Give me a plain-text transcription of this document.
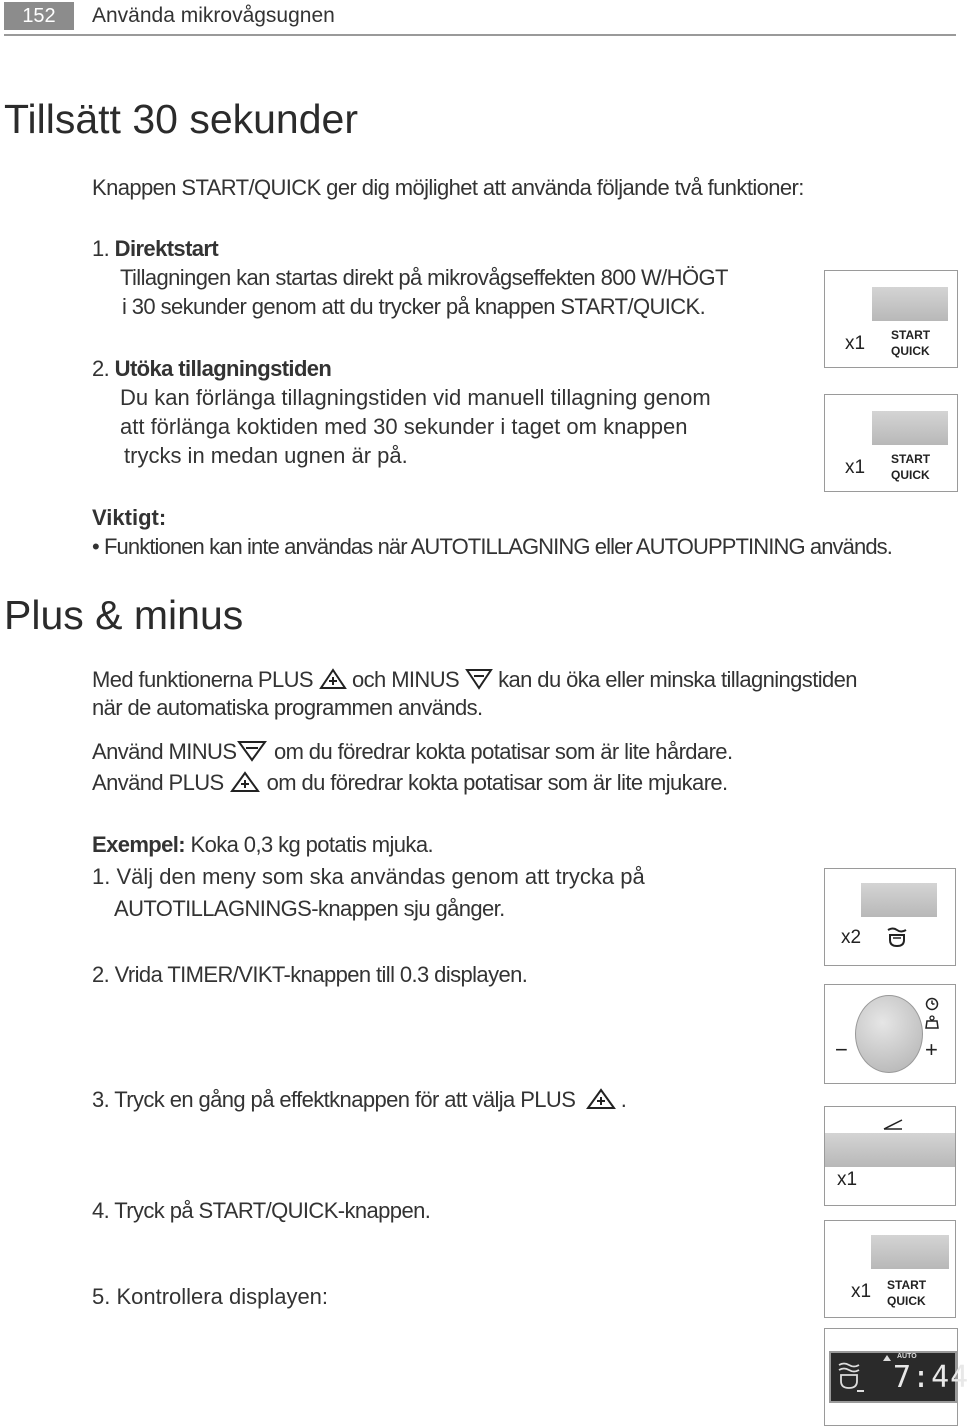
152	Använda mikrovågsugnen
Tillsätt 30 sekunder
Knappen START/QUICK ger dig möjlighet att använda följande två funktioner:
1. Direktstart
Tillagningen kan startas direkt på mikrovågseffekten 800 W/HÖGT
i 30 sekunder genom att du trycker på knappen START/QUICK.
2. Utöka tillagningstiden
Du kan förlänga tillagningstiden vid manuell tillagning genom
att förlänga koktiden med 30 sekunder i taget om knappen
trycks in medan ugnen är på.
Viktigt:
• Funktionen kan inte användas när AUTOTILLAGNING eller AUTOUPPTINING används.
x1 START
QUICK
x1 START
QUICK
Plus & minus
Med funktionerna PLUS och MINUS kan du öka eller minska tillagningstiden
när de automatiska programmen används.
Använd MINUS om du föredrar kokta potatisar som är lite hårdare.
Använd PLUS om du föredrar kokta potatisar som är lite mjukare.
Exempel: Koka 0,3 kg potatis mjuka.
1. Välj den meny som ska användas genom att trycka på
AUTOTILLAGNINGS-knappen sju gånger.
2. Vrida TIMER/VIKT-knappen till 0.3 displayen.
3. Tryck en gång på effektknappen för att välja PLUS .
4. Tryck på START/QUICK-knappen.
5. Kontrollera displayen:
x2
−	+
x1
x1 START
QUICK
AUTO
7:44
